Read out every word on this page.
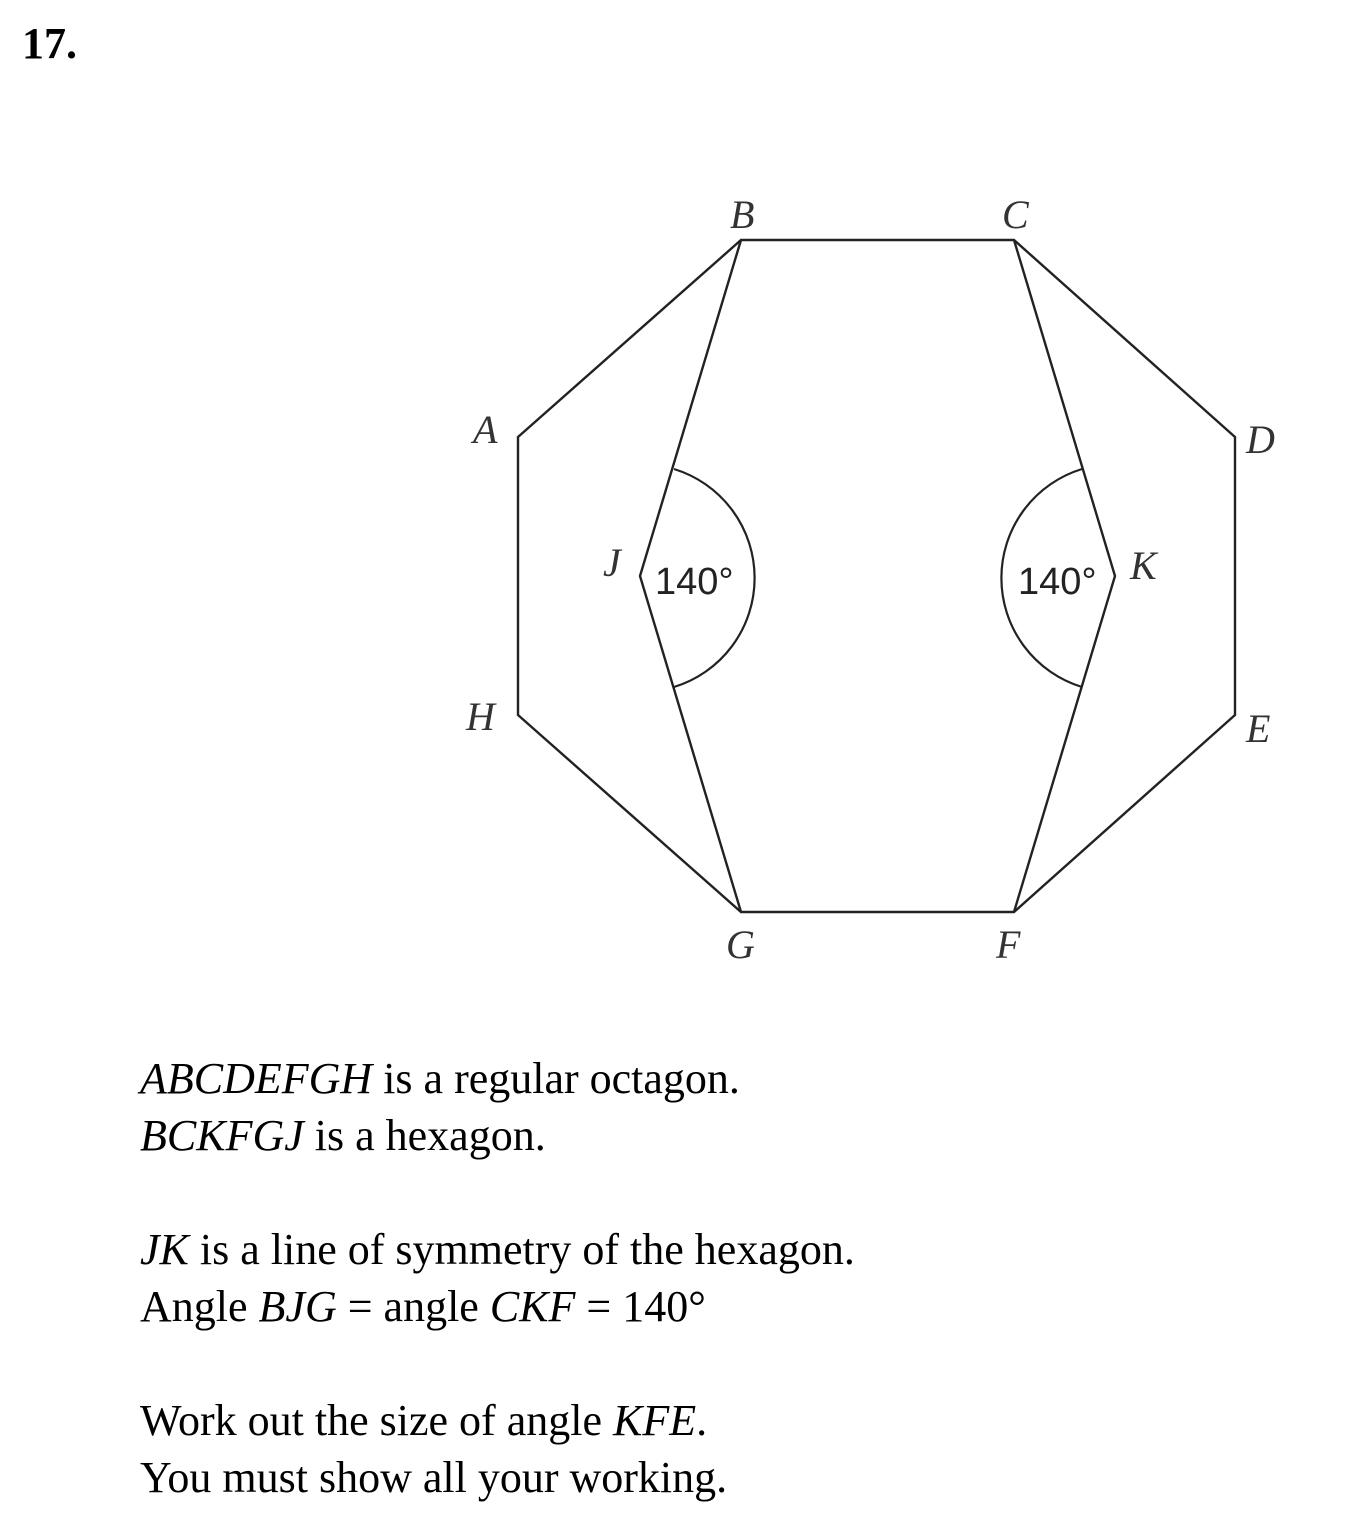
17.
A
B	C
D
E
F
G
H
J	K
140°	140°

ABCDEFGH is a regular octagon.

BCKFGJ is a hexagon.

JK is a line of symmetry of the hexagon.

Angle BJG = angle CKF = 140°

Work out the size of angle KFE.

You must show all your working.
